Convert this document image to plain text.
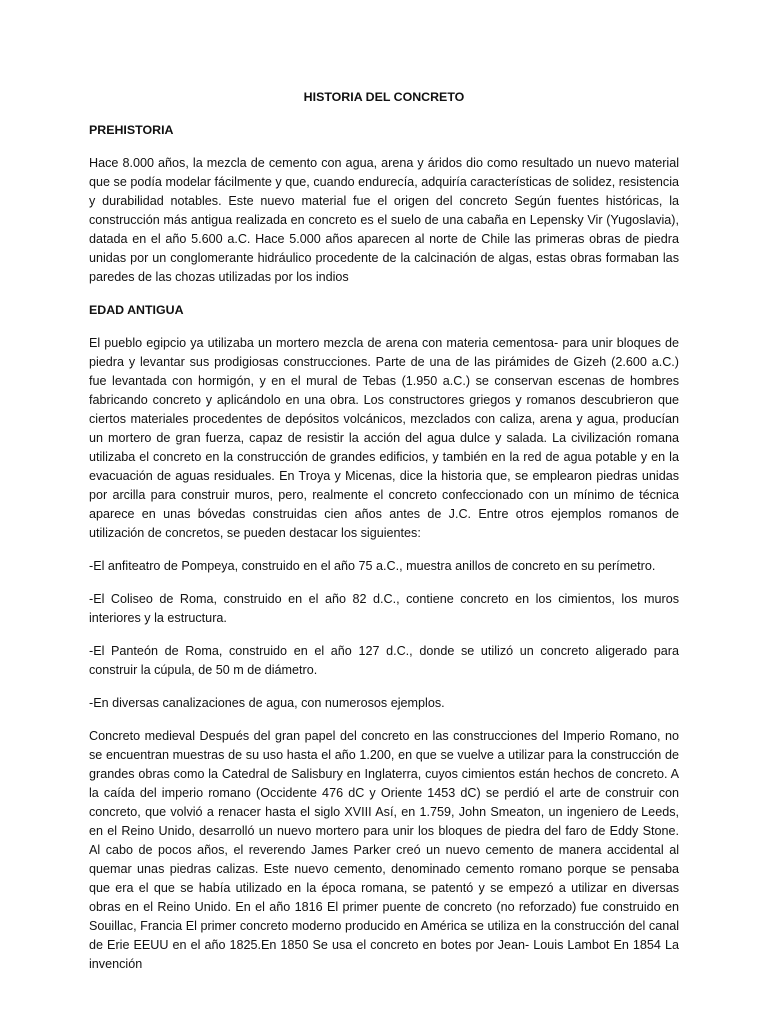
HISTORIA DEL CONCRETO
PREHISTORIA

Hace 8.000 años, la mezcla de cemento con agua, arena y áridos dio como resultado un nuevo material que se podía modelar fácilmente y que, cuando endurecía, adquiría características de solidez, resistencia y durabilidad notables. Este nuevo material fue el origen del concreto Según fuentes históricas, la construcción más antigua realizada en concreto es el suelo de una cabaña en Lepensky Vir (Yugoslavia), datada en el año 5.600 a.C. Hace 5.000 años aparecen al norte de Chile las primeras obras de piedra unidas por un conglomerante hidráulico procedente de la calcinación de algas, estas obras formaban las paredes de las chozas utilizadas por los indios

EDAD ANTIGUA

El pueblo egipcio ya utilizaba un mortero mezcla de arena con materia cementosa- para unir bloques de piedra y levantar sus prodigiosas construcciones. Parte de una de las pirámides de Gizeh (2.600 a.C.) fue levantada con hormigón, y en el mural de Tebas (1.950 a.C.) se conservan escenas de hombres fabricando concreto y aplicándolo en una obra. Los constructores griegos y romanos descubrieron que ciertos materiales procedentes de depósitos volcánicos, mezclados con caliza, arena y agua, producían un mortero de gran fuerza, capaz de resistir la acción del agua dulce y salada. La civilización romana utilizaba el concreto en la construcción de grandes edificios, y también en la red de agua potable y en la evacuación de aguas residuales. En Troya y Micenas, dice la historia que, se emplearon piedras unidas por arcilla para construir muros, pero, realmente el concreto confeccionado con un mínimo de técnica aparece en unas bóvedas construidas cien años antes de J.C. Entre otros ejemplos romanos de utilización de concretos, se pueden destacar los siguientes:

-El anfiteatro de Pompeya, construido en el año 75 a.C., muestra anillos de concreto en su perímetro.

-El Coliseo de Roma, construido en el año 82 d.C., contiene concreto en los cimientos, los muros interiores y la estructura.

-El Panteón de Roma, construido en el año 127 d.C., donde se utilizó un concreto aligerado para construir la cúpula, de 50 m de diámetro.

-En diversas canalizaciones de agua, con numerosos ejemplos.

Concreto medieval Después del gran papel del concreto en las construcciones del Imperio Romano, no se encuentran muestras de su uso hasta el año 1.200, en que se vuelve a utilizar para la construcción de grandes obras como la Catedral de Salisbury en Inglaterra, cuyos cimientos están hechos de concreto. A la caída del imperio romano (Occidente 476 dC y Oriente 1453 dC) se perdió el arte de construir con concreto, que volvió a renacer hasta el siglo XVIII Así, en 1.759, John Smeaton, un ingeniero de Leeds, en el Reino Unido, desarrolló un nuevo mortero para unir los bloques de piedra del faro de Eddy Stone. Al cabo de pocos años, el reverendo James Parker creó un nuevo cemento de manera accidental al quemar unas piedras calizas. Este nuevo cemento, denominado cemento romano porque se pensaba que era el que se había utilizado en la época romana, se patentó y se empezó a utilizar en diversas obras en el Reino Unido. En el año 1816 El primer puente de concreto (no reforzado) fue construido en Souillac, Francia El primer concreto moderno producido en América se utiliza en la construcción del canal de Erie EEUU en el año 1825.En 1850 Se usa el concreto en botes por Jean- Louis Lambot En 1854 La invención
